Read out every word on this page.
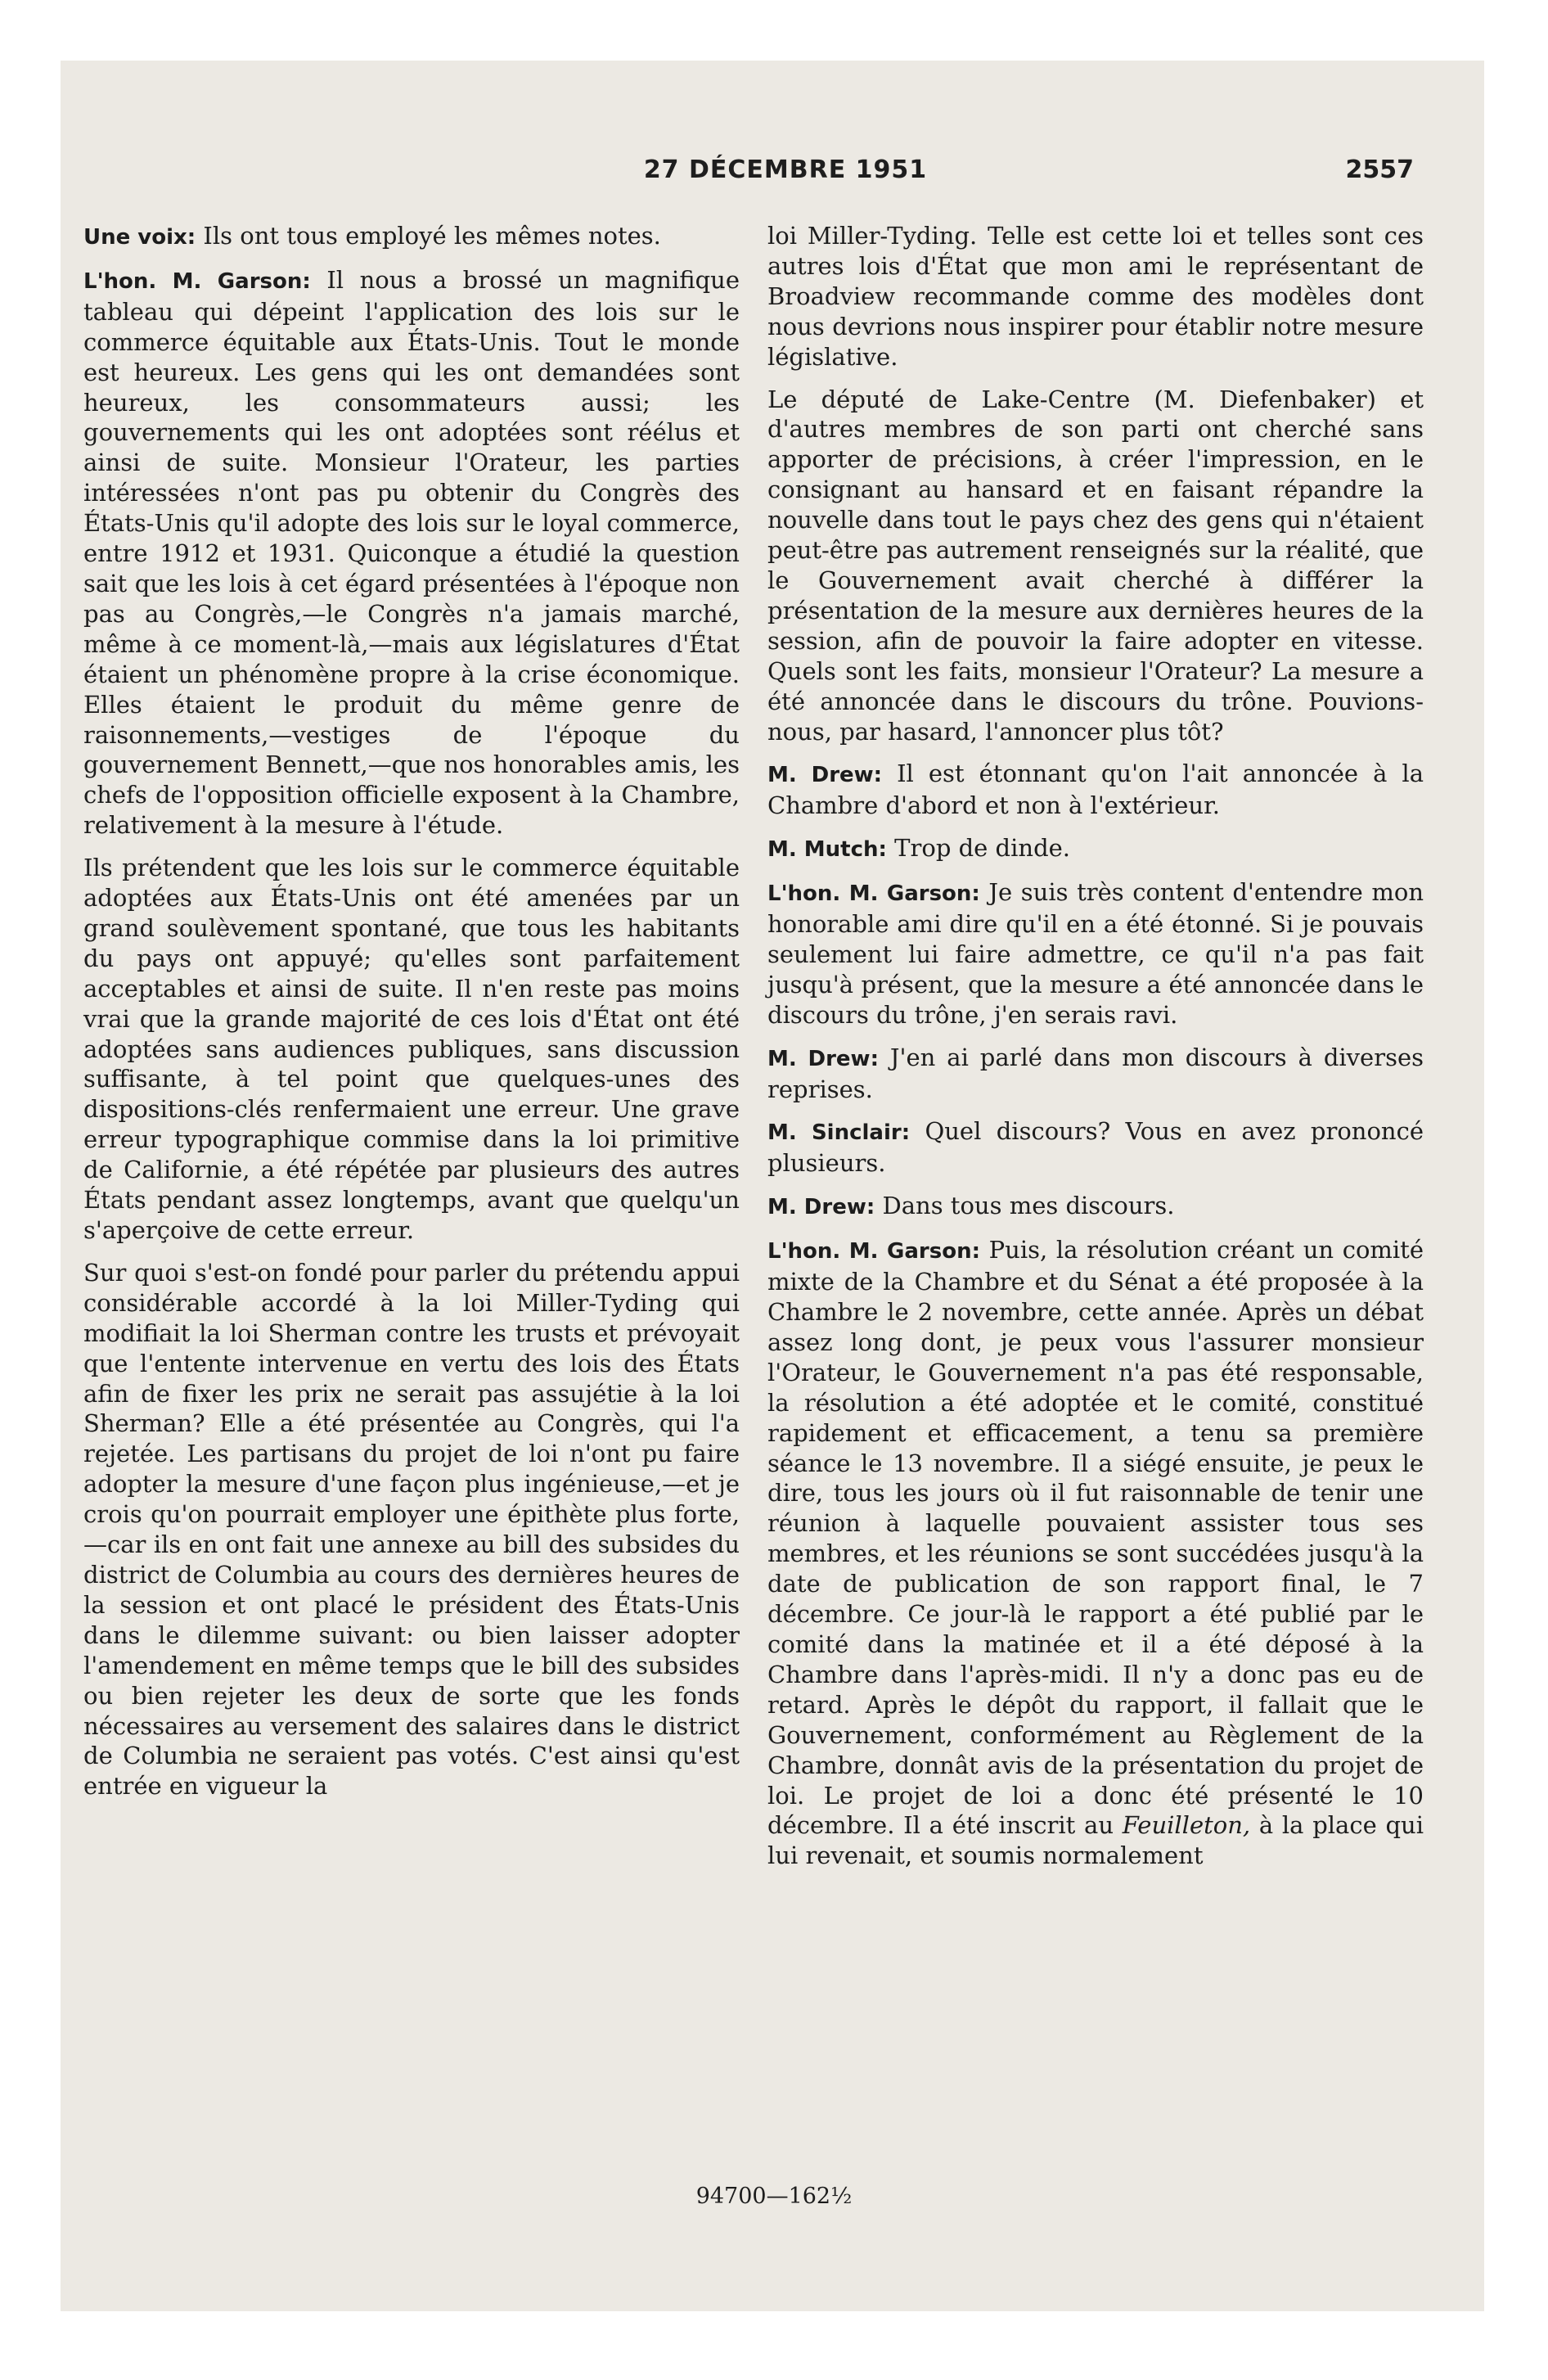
27 DÉCEMBRE 1951	2557

Une voix: Ils ont tous employé les mêmes notes.

L'hon. M. Garson: Il nous a brossé un magnifique tableau qui dépeint l'application des lois sur le commerce équitable aux États-Unis. Tout le monde est heureux. Les gens qui les ont demandées sont heureux, les consommateurs aussi; les gouvernements qui les ont adoptées sont réélus et ainsi de suite. Monsieur l'Orateur, les parties intéressées n'ont pas pu obtenir du Congrès des États-Unis qu'il adopte des lois sur le loyal commerce, entre 1912 et 1931. Quiconque a étudié la question sait que les lois à cet égard présentées à l'époque non pas au Congrès,—le Congrès n'a jamais marché, même à ce moment-là,—mais aux législatures d'État étaient un phénomène propre à la crise économique. Elles étaient le produit du même genre de raisonnements,—vestiges de l'époque du gouvernement Bennett,—que nos honorables amis, les chefs de l'opposition officielle exposent à la Chambre, relativement à la mesure à l'étude.

Ils prétendent que les lois sur le commerce équitable adoptées aux États-Unis ont été amenées par un grand soulèvement spontané, que tous les habitants du pays ont appuyé; qu'elles sont parfaitement acceptables et ainsi de suite. Il n'en reste pas moins vrai que la grande majorité de ces lois d'État ont été adoptées sans audiences publiques, sans discussion suffisante, à tel point que quelques-unes des dispositions-clés renfermaient une erreur. Une grave erreur typographique commise dans la loi primitive de Californie, a été répétée par plusieurs des autres États pendant assez longtemps, avant que quelqu'un s'aperçoive de cette erreur.

Sur quoi s'est-on fondé pour parler du prétendu appui considérable accordé à la loi Miller-Tyding qui modifiait la loi Sherman contre les trusts et prévoyait que l'entente intervenue en vertu des lois des États afin de fixer les prix ne serait pas assujétie à la loi Sherman? Elle a été présentée au Congrès, qui l'a rejetée. Les partisans du projet de loi n'ont pu faire adopter la mesure d'une façon plus ingénieuse,—et je crois qu'on pourrait employer une épithète plus forte,—car ils en ont fait une annexe au bill des subsides du district de Columbia au cours des dernières heures de la session et ont placé le président des États-Unis dans le dilemme suivant: ou bien laisser adopter l'amendement en même temps que le bill des subsides ou bien rejeter les deux de sorte que les fonds nécessaires au versement des salaires dans le district de Columbia ne seraient pas votés. C'est ainsi qu'est entrée en vigueur la

loi Miller-Tyding. Telle est cette loi et telles sont ces autres lois d'État que mon ami le représentant de Broadview recommande comme des modèles dont nous devrions nous inspirer pour établir notre mesure législative.

Le député de Lake-Centre (M. Diefenbaker) et d'autres membres de son parti ont cherché sans apporter de précisions, à créer l'impression, en le consignant au hansard et en faisant répandre la nouvelle dans tout le pays chez des gens qui n'étaient peut-être pas autrement renseignés sur la réalité, que le Gouvernement avait cherché à différer la présentation de la mesure aux dernières heures de la session, afin de pouvoir la faire adopter en vitesse. Quels sont les faits, monsieur l'Orateur? La mesure a été annoncée dans le discours du trône. Pouvions-nous, par hasard, l'annoncer plus tôt?

M. Drew: Il est étonnant qu'on l'ait annoncée à la Chambre d'abord et non à l'extérieur.

M. Mutch: Trop de dinde.

L'hon. M. Garson: Je suis très content d'entendre mon honorable ami dire qu'il en a été étonné. Si je pouvais seulement lui faire admettre, ce qu'il n'a pas fait jusqu'à présent, que la mesure a été annoncée dans le discours du trône, j'en serais ravi.

M. Drew: J'en ai parlé dans mon discours à diverses reprises.

M. Sinclair: Quel discours? Vous en avez prononcé plusieurs.

M. Drew: Dans tous mes discours.

L'hon. M. Garson: Puis, la résolution créant un comité mixte de la Chambre et du Sénat a été proposée à la Chambre le 2 novembre, cette année. Après un débat assez long dont, je peux vous l'assurer monsieur l'Orateur, le Gouvernement n'a pas été responsable, la résolution a été adoptée et le comité, constitué rapidement et efficacement, a tenu sa première séance le 13 novembre. Il a siégé ensuite, je peux le dire, tous les jours où il fut raisonnable de tenir une réunion à laquelle pouvaient assister tous ses membres, et les réunions se sont succédées jusqu'à la date de publication de son rapport final, le 7 décembre. Ce jour-là le rapport a été publié par le comité dans la matinée et il a été déposé à la Chambre dans l'après-midi. Il n'y a donc pas eu de retard. Après le dépôt du rapport, il fallait que le Gouvernement, conformément au Règlement de la Chambre, donnât avis de la présentation du projet de loi. Le projet de loi a donc été présenté le 10 décembre. Il a été inscrit au Feuilleton, à la place qui lui revenait, et soumis normalement

94700—162½
